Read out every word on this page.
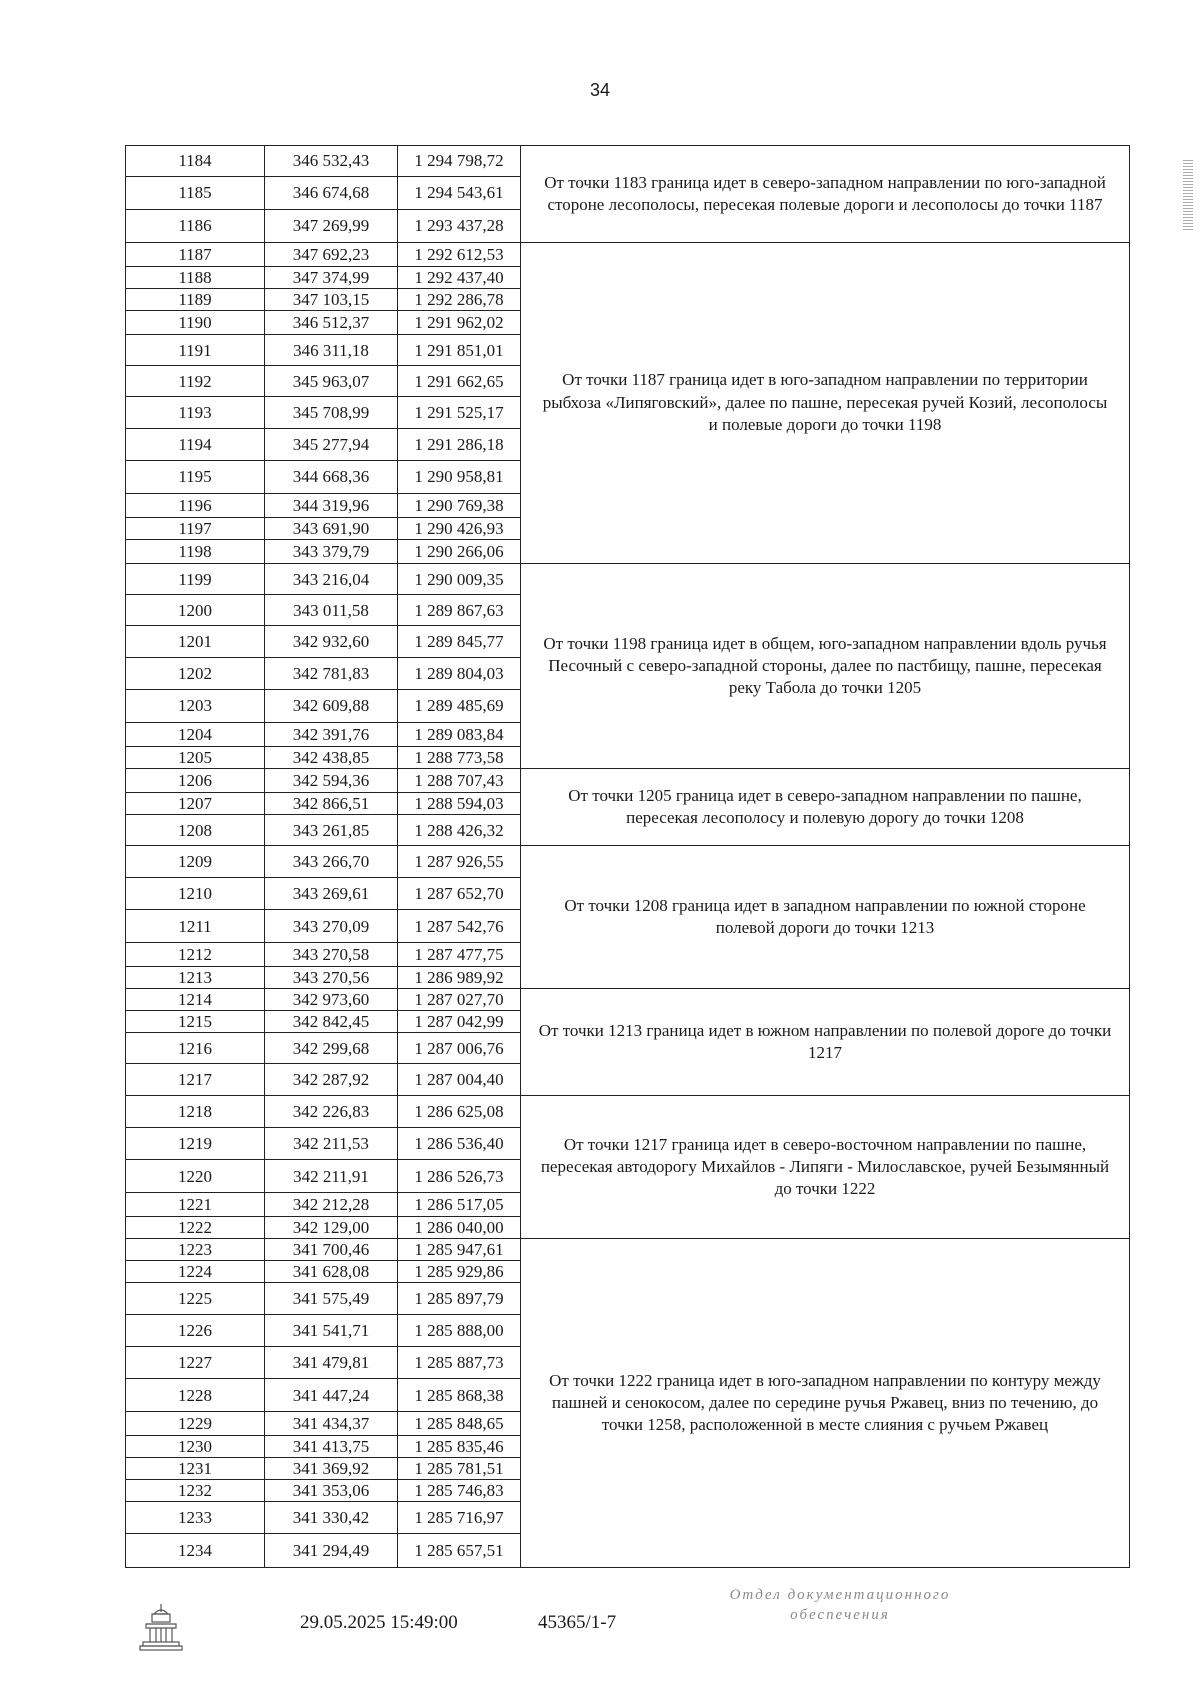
34
1184	346 532,43	1 294 798,72	От точки 1183 граница идет в северо-западном направлении по юго-западной стороне лесополосы, пересекая полевые дороги и лесополосы до точки 1187
1185	346 674,68	1 294 543,61	
1186	347 269,99	1 293 437,28	
1187	347 692,23	1 292 612,53	От точки 1187 граница идет в юго-западном направлении по территории рыбхоза «Липяговский», далее по пашне, пересекая ручей Козий, лесополосы и полевые дороги до точки 1198
1188	347 374,99	1 292 437,40	
1189	347 103,15	1 292 286,78	
1190	346 512,37	1 291 962,02	
1191	346 311,18	1 291 851,01	
1192	345 963,07	1 291 662,65	
1193	345 708,99	1 291 525,17	
1194	345 277,94	1 291 286,18	
1195	344 668,36	1 290 958,81	
1196	344 319,96	1 290 769,38	
1197	343 691,90	1 290 426,93	
1198	343 379,79	1 290 266,06	
1199	343 216,04	1 290 009,35	От точки 1198 граница идет в общем, юго-западном направлении вдоль ручья Песочный с северо-западной стороны, далее по пастбищу, пашне, пересекая реку Табола до точки 1205
1200	343 011,58	1 289 867,63	
1201	342 932,60	1 289 845,77	
1202	342 781,83	1 289 804,03	
1203	342 609,88	1 289 485,69	
1204	342 391,76	1 289 083,84	
1205	342 438,85	1 288 773,58	
1206	342 594,36	1 288 707,43	От точки 1205 граница идет в северо-западном направлении по пашне, пересекая лесополосу и полевую дорогу до точки 1208
1207	342 866,51	1 288 594,03	
1208	343 261,85	1 288 426,32	
1209	343 266,70	1 287 926,55	От точки 1208 граница идет в западном направлении по южной стороне полевой дороги до точки 1213
1210	343 269,61	1 287 652,70	
1211	343 270,09	1 287 542,76	
1212	343 270,58	1 287 477,75	
1213	343 270,56	1 286 989,92	
1214	342 973,60	1 287 027,70	От точки 1213 граница идет в южном направлении по полевой дороге до точки 1217
1215	342 842,45	1 287 042,99	
1216	342 299,68	1 287 006,76	
1217	342 287,92	1 287 004,40	
1218	342 226,83	1 286 625,08	От точки 1217 граница идет в северо-восточном направлении по пашне, пересекая автодорогу Михайлов - Липяги - Милославское, ручей Безымянный до точки 1222
1219	342 211,53	1 286 536,40	
1220	342 211,91	1 286 526,73	
1221	342 212,28	1 286 517,05	
1222	342 129,00	1 286 040,00	
1223	341 700,46	1 285 947,61	От точки 1222 граница идет в юго-западном направлении по контуру между пашней и сенокосом, далее по середине ручья Ржавец, вниз по течению, до точки 1258, расположенной в месте слияния с ручьем Ржавец
1224	341 628,08	1 285 929,86	
1225	341 575,49	1 285 897,79	
1226	341 541,71	1 285 888,00	
1227	341 479,81	1 285 887,73	
1228	341 447,24	1 285 868,38	
1229	341 434,37	1 285 848,65	
1230	341 413,75	1 285 835,46	
1231	341 369,92	1 285 781,51	
1232	341 353,06	1 285 746,83	
1233	341 330,42	1 285 716,97	
1234	341 294,49	1 285 657,51	
29.05.2025 15:49:00	45365/1-7
Отдел документационного
обеспечения
